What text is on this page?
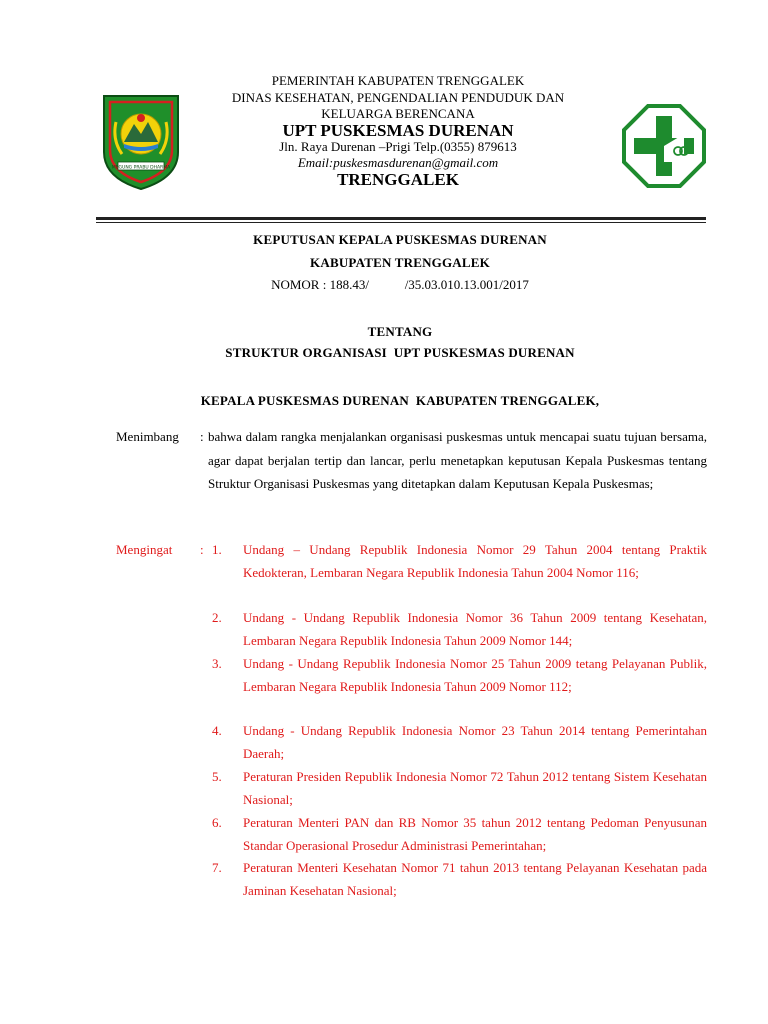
MEGUNG PRABU DHARMA
PEMERINTAH KABUPATEN TRENGGALEK
DINAS KESEHATAN, PENGENDALIAN PENDUDUK DAN
KELUARGA BERENCANA
UPT PUSKESMAS DURENAN
Jln. Raya Durenan –Prigi Telp.(0355) 879613
Email:puskesmasdurenan@gmail.com
TRENGGALEK
KEPUTUSAN KEPALA PUSKESMAS DURENAN
KABUPATEN TRENGGALEK
NOMOR : 188.43/           /35.03.010.13.001/2017
TENTANG
STRUKTUR ORGANISASI  UPT PUSKESMAS DURENAN
KEPALA PUSKESMAS DURENAN  KABUPATEN TRENGGALEK,
Menimbang : bahwa dalam rangka menjalankan organisasi puskesmas untuk mencapai suatu tujuan bersama, agar dapat berjalan tertip dan lancar, perlu menetapkan keputusan Kepala Puskesmas tentang Struktur Organisasi Puskesmas yang ditetapkan dalam Keputusan Kepala Puskesmas;
Mengingat : 1. Undang – Undang Republik Indonesia Nomor 29 Tahun 2004 tentang Praktik Kedokteran, Lembaran Negara Republik Indonesia Tahun 2004 Nomor 116;
2. Undang - Undang Republik Indonesia Nomor 36 Tahun 2009 tentang Kesehatan, Lembaran Negara Republik Indonesia Tahun 2009 Nomor 144;
3. Undang - Undang Republik Indonesia Nomor 25 Tahun 2009 tetang Pelayanan Publik, Lembaran Negara Republik Indonesia Tahun 2009 Nomor 112;
4. Undang - Undang Republik Indonesia Nomor 23 Tahun 2014 tentang Pemerintahan Daerah;
5. Peraturan Presiden Republik Indonesia Nomor 72 Tahun 2012 tentang Sistem Kesehatan Nasional;
6. Peraturan Menteri PAN dan RB Nomor 35 tahun 2012 tentang Pedoman Penyusunan Standar Operasional Prosedur Administrasi Pemerintahan;
7. Peraturan Menteri Kesehatan Nomor 71 tahun 2013 tentang Pelayanan Kesehatan pada Jaminan Kesehatan Nasional;
